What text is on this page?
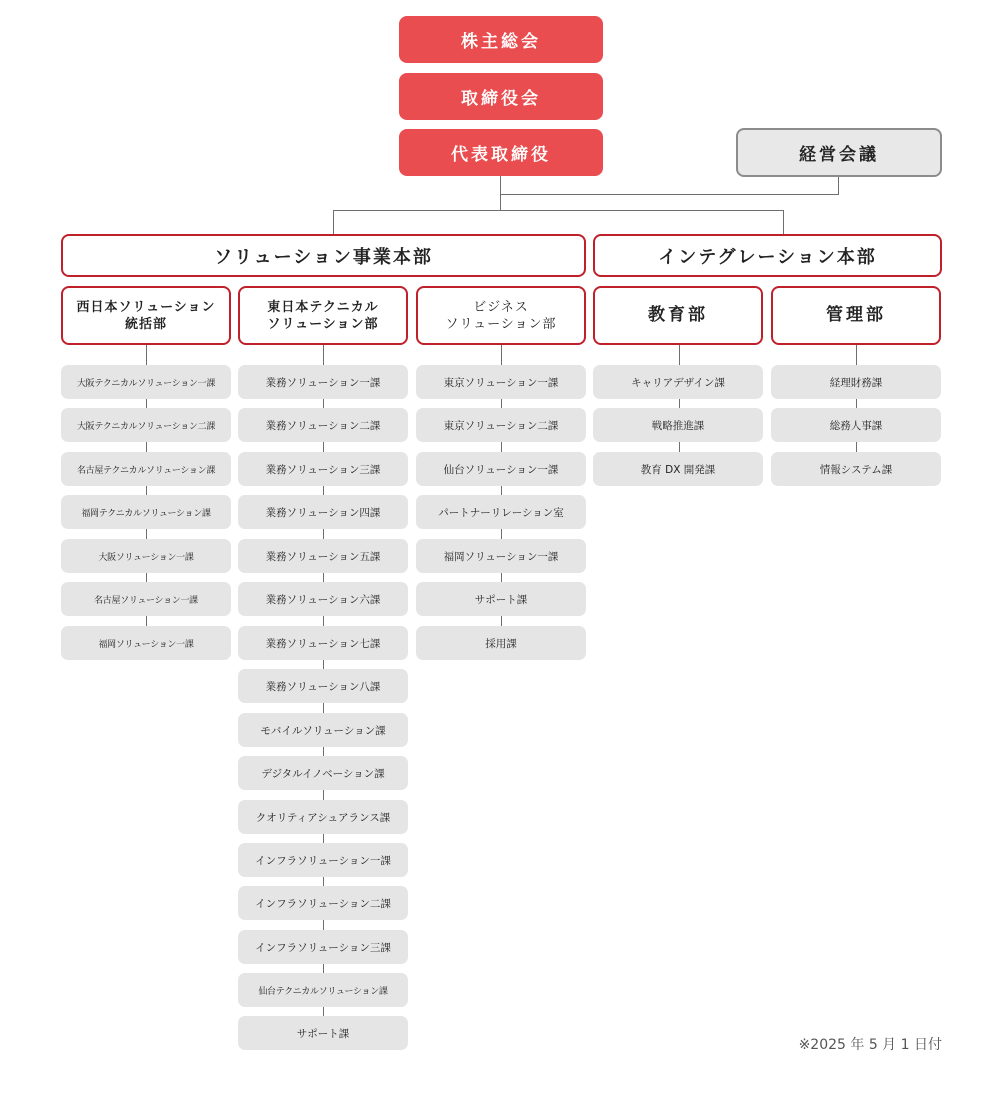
株主総会
取締役会
代表取締役	経営会議
ソリューション事業本部	インテグレーション本部
西日本ソリューション
統括部
東日本テクニカル
ソリューション部
ビジネス
ソリューション部	教育部	管理部
大阪テクニカルソリューション一課
大阪テクニカルソリューション二課
名古屋テクニカルソリューション課
福岡テクニカルソリューション課
大阪ソリューション一課
名古屋ソリューション一課
福岡ソリューション一課
業務ソリューション一課
業務ソリューション二課
業務ソリューション三課
業務ソリューション四課
業務ソリューション五課
業務ソリューション六課
業務ソリューション七課
業務ソリューション八課
モバイルソリューション課
デジタルイノベーション課
クオリティアシュアランス課
インフラソリューション一課
インフラソリューション二課
インフラソリューション三課
仙台テクニカルソリューション課
サポート課
東京ソリューション一課
東京ソリューション二課
仙台ソリューション一課
パートナーリレーション室
福岡ソリューション一課
サポート課
採用課
キャリアデザイン課
戦略推進課
教育 DX 開発課
経理財務課
総務人事課
情報システム課
※2025 年 5 月 1 日付
